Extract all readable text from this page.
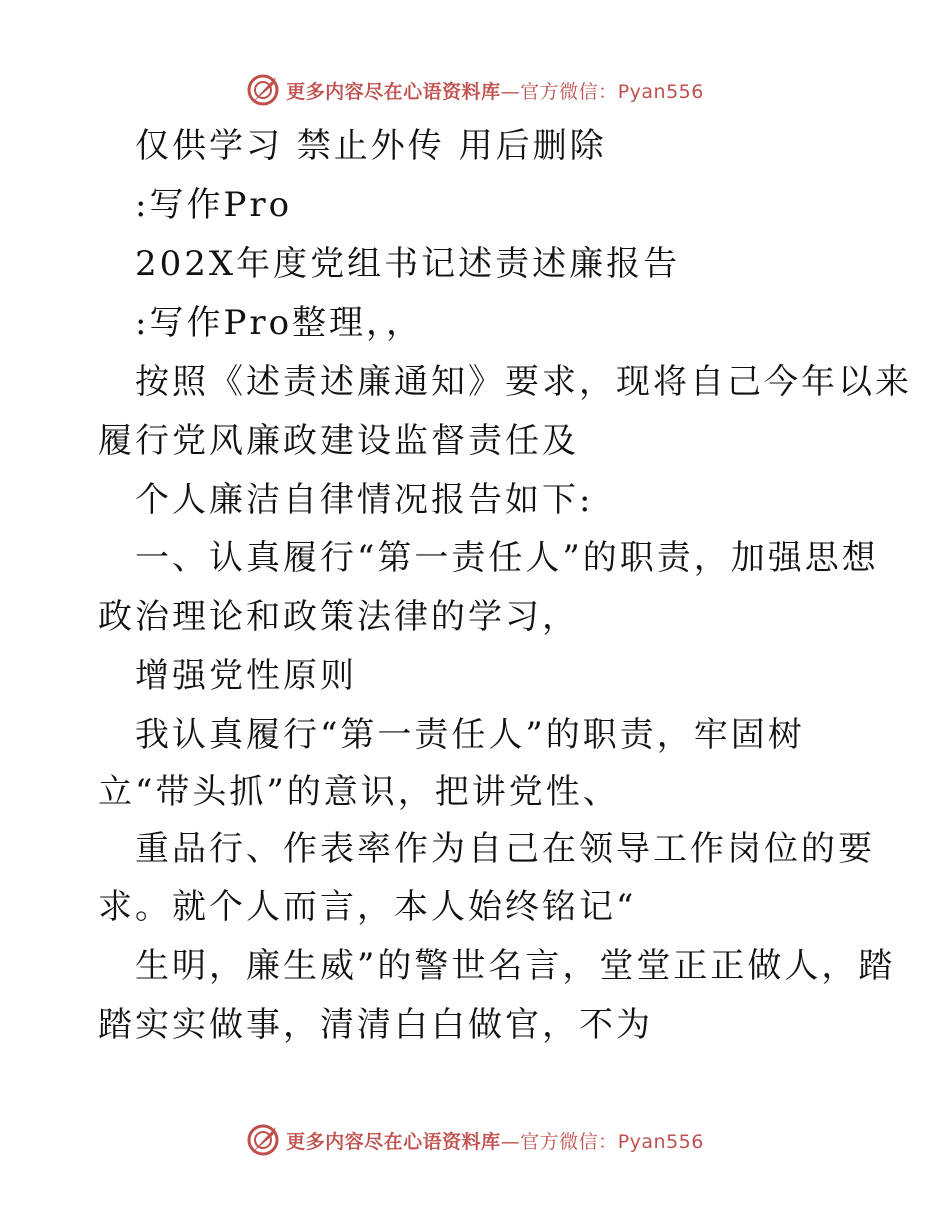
更多内容尽在心语资料库—官方微信：Pyan556
仅供学习 禁止外传 用后删除
:写作Pro
202X年度党组书记述责述廉报告
:写作Pro整理，，
按照《述责述廉通知》要求，现将自己今年以来
履行党风廉政建设监督责任及
个人廉洁自律情况报告如下:
一、认真履行“第一责任人”的职责，加强思想
政治理论和政策法律的学习，
增强党性原则
我认真履行“第一责任人”的职责，牢固树
立“带头抓”的意识，把讲党性、
重品行、作表率作为自己在领导工作岗位的要
求。就个人而言，本人始终铭记“
生明，廉生威”的警世名言，堂堂正正做人，踏
踏实实做事，清清白白做官，不为
更多内容尽在心语资料库—官方微信：Pyan556
